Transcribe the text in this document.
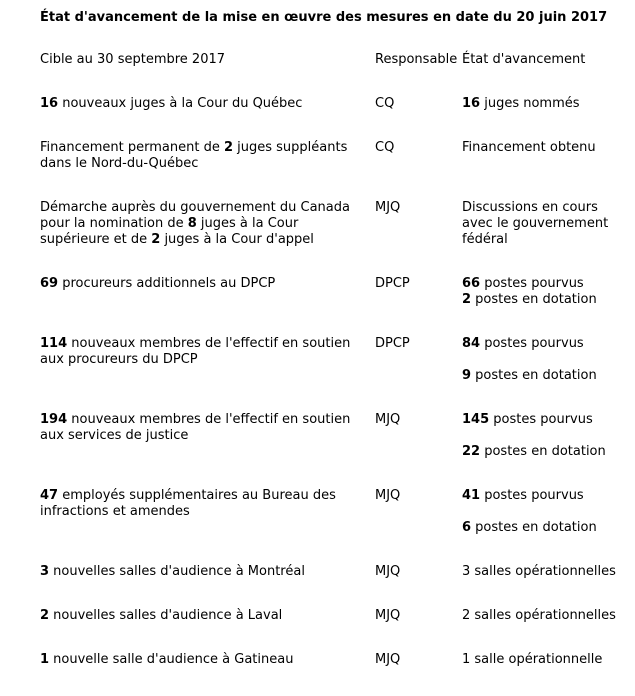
État d'avancement de la mise en œuvre des mesures en date du 20 juin 2017
Cible au 30 septembre 2017	Responsable	État d'avancement
16 nouveaux juges à la Cour du Québec	CQ	16 juges nommés

Financement permanent de 2 juges suppléants dans le Nord-du-Québec	CQ	Financement obtenu

Démarche auprès du gouvernement du Canada pour la nomination de 8 juges à la Cour supérieure et de 2 juges à la Cour d'appel	MJQ	Discussions en cours avec le gouvernement fédéral

69 procureurs additionnels au DPCP	DPCP	66 postes pourvus
2 postes en dotation

114 nouveaux membres de l'effectif en soutien aux procureurs du DPCP	DPCP	84 postes pourvus
9 postes en dotation

194 nouveaux membres de l'effectif en soutien aux services de justice	MJQ	145 postes pourvus
22 postes en dotation

47 employés supplémentaires au Bureau des infractions et amendes	MJQ	41 postes pourvus
6 postes en dotation

3 nouvelles salles d'audience à Montréal	MJQ	3 salles opérationnelles

2 nouvelles salles d'audience à Laval	MJQ	2 salles opérationnelles

1 nouvelle salle d'audience à Gatineau	MJQ	1 salle opérationnelle
